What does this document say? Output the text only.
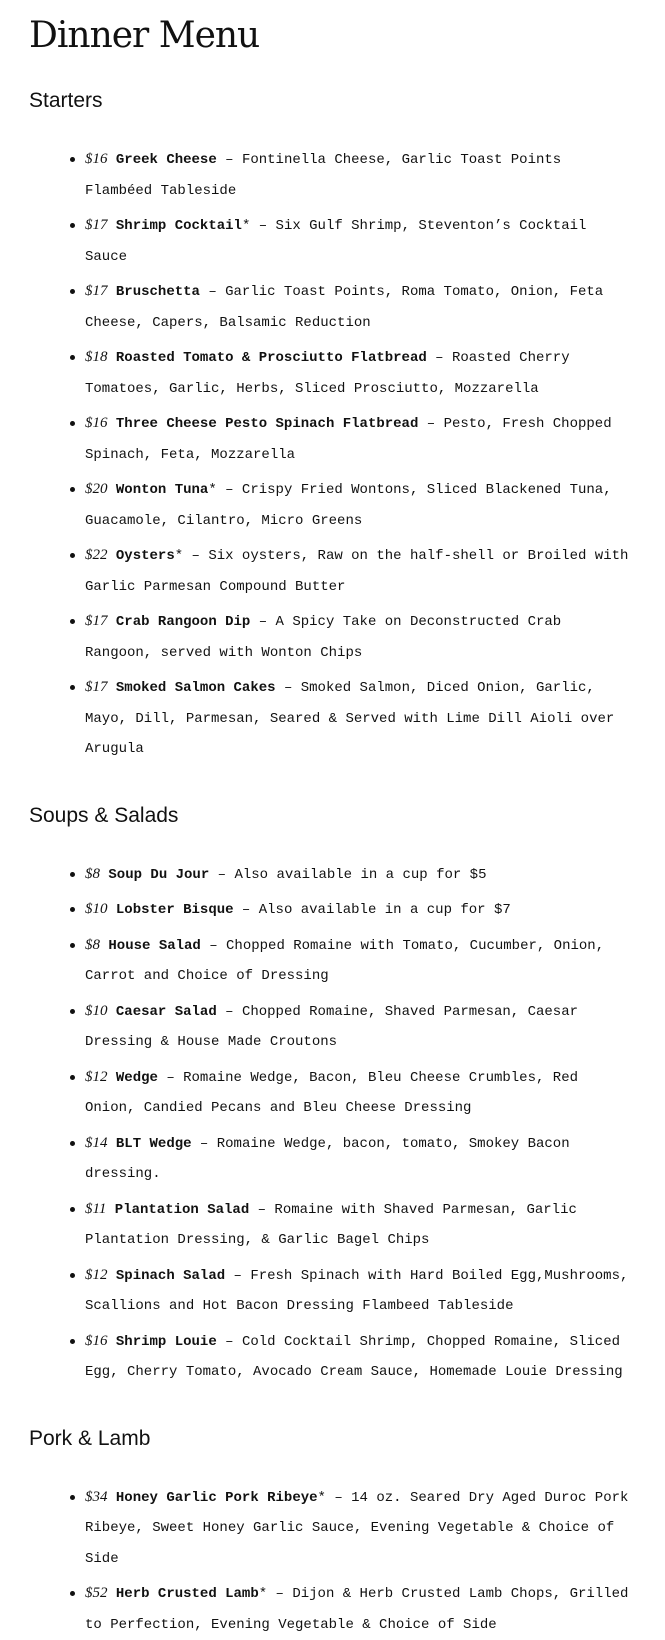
Dinner Menu
Starters
$16 Greek Cheese – Fontinella Cheese, Garlic Toast Points Flambéed Tableside
$17 Shrimp Cocktail* – Six Gulf Shrimp, Steventon’s Cocktail Sauce
$17 Bruschetta – Garlic Toast Points, Roma Tomato, Onion, Feta Cheese, Capers, Balsamic Reduction
$18 Roasted Tomato & Prosciutto Flatbread – Roasted Cherry Tomatoes, Garlic, Herbs, Sliced Prosciutto, Mozzarella
$16 Three Cheese Pesto Spinach Flatbread – Pesto, Fresh Chopped Spinach, Feta, Mozzarella
$20 Wonton Tuna* – Crispy Fried Wontons, Sliced Blackened Tuna, Guacamole, Cilantro, Micro Greens
$22 Oysters* – Six oysters, Raw on the half-shell or Broiled with Garlic Parmesan Compound Butter
$17 Crab Rangoon Dip – A Spicy Take on Deconstructed Crab Rangoon, served with Wonton Chips
$17 Smoked Salmon Cakes – Smoked Salmon, Diced Onion, Garlic, Mayo, Dill, Parmesan, Seared & Served with Lime Dill Aioli over Arugula
Soups & Salads
$8 Soup Du Jour – Also available in a cup for $5
$10 Lobster Bisque – Also available in a cup for $7
$8 House Salad – Chopped Romaine with Tomato, Cucumber, Onion, Carrot and Choice of Dressing
$10 Caesar Salad – Chopped Romaine, Shaved Parmesan, Caesar Dressing & House Made Croutons
$12 Wedge – Romaine Wedge, Bacon, Bleu Cheese Crumbles, Red Onion, Candied Pecans and Bleu Cheese Dressing
$14 BLT Wedge – Romaine Wedge, bacon, tomato, Smokey Bacon dressing.
$11 Plantation Salad – Romaine with Shaved Parmesan, Garlic Plantation Dressing, & Garlic Bagel Chips
$12 Spinach Salad – Fresh Spinach with Hard Boiled Egg,Mushrooms, Scallions and Hot Bacon Dressing Flambeed Tableside
$16 Shrimp Louie – Cold Cocktail Shrimp, Chopped Romaine, Sliced Egg, Cherry Tomato, Avocado Cream Sauce, Homemade Louie Dressing
Pork & Lamb
$34 Honey Garlic Pork Ribeye* – 14 oz. Seared Dry Aged Duroc Pork Ribeye, Sweet Honey Garlic Sauce, Evening Vegetable & Choice of Side
$52 Herb Crusted Lamb* – Dijon & Herb Crusted Lamb Chops, Grilled to Perfection, Evening Vegetable & Choice of Side
